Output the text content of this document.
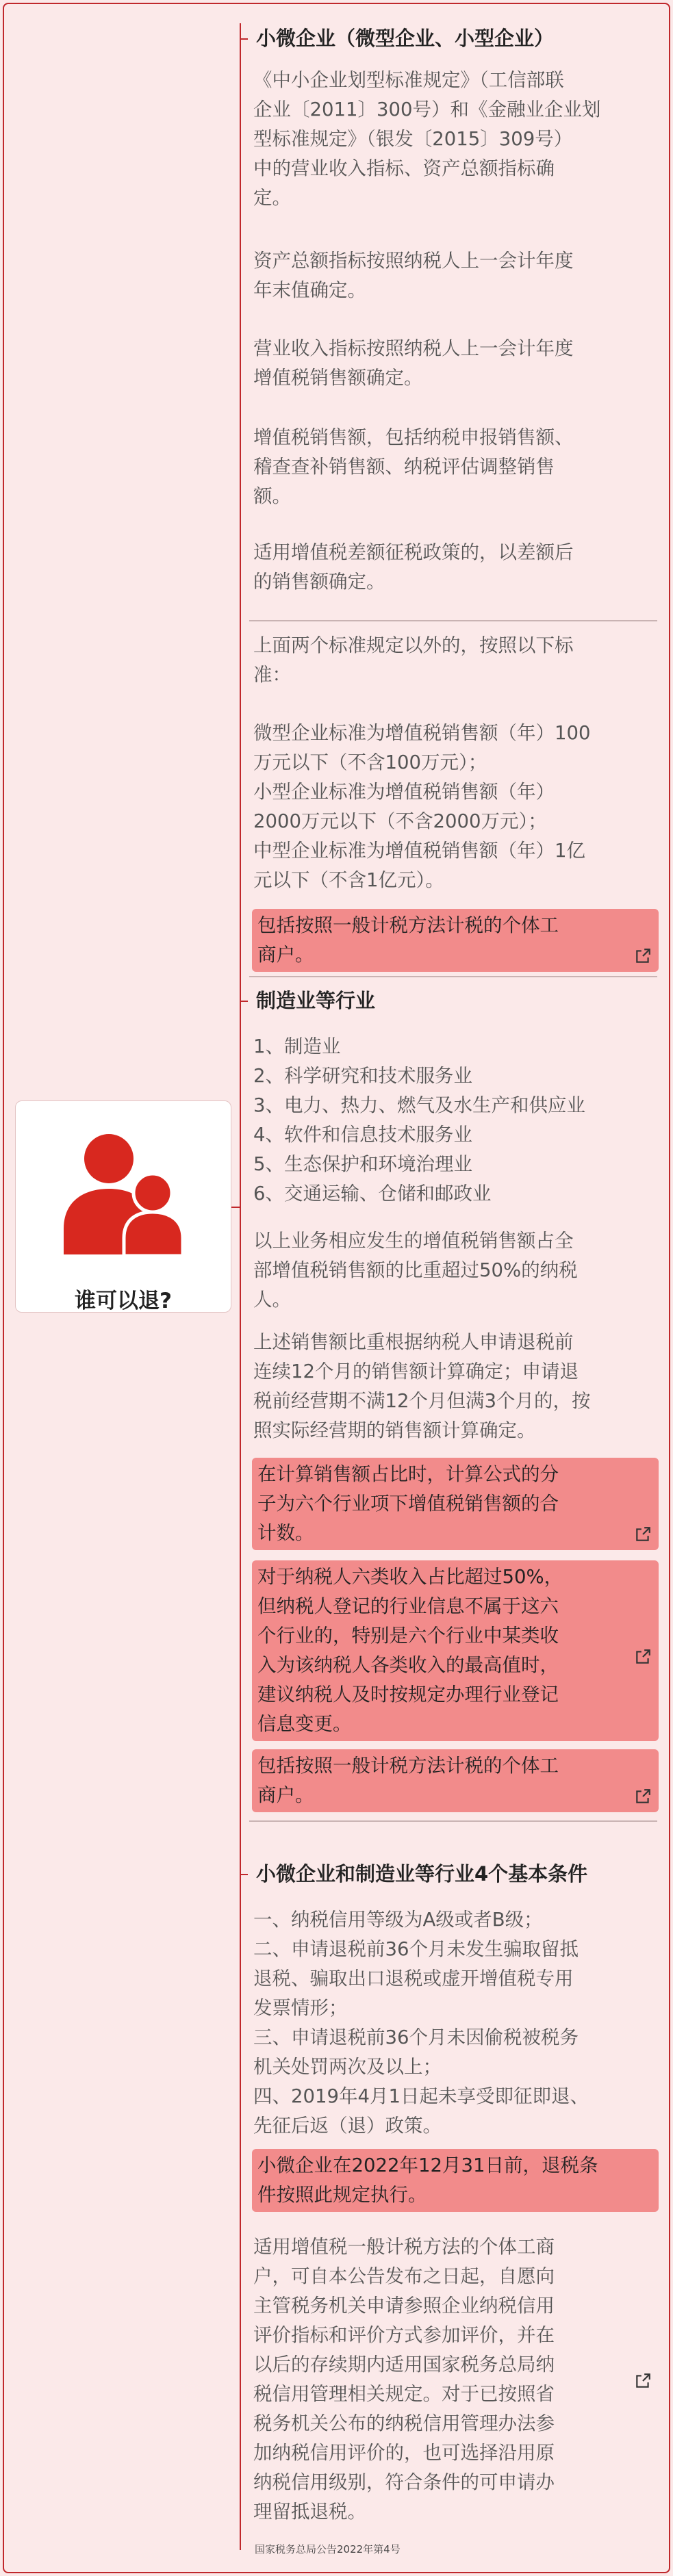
谁可以退?
小微企业（微型企业、小型企业）
《中小企业划型标准规定》（工信部联
企业〔2011〕300号）和《金融业企业划
型标准规定》（银发〔2015〕309号）
中的营业收入指标、资产总额指标确
定。
资产总额指标按照纳税人上一会计年度
年末值确定。
营业收入指标按照纳税人上一会计年度
增值税销售额确定。
增值税销售额，包括纳税申报销售额、
稽查查补销售额、纳税评估调整销售
额。
适用增值税差额征税政策的，以差额后
的销售额确定。
上面两个标准规定以外的，按照以下标
准：
微型企业标准为增值税销售额（年）100
万元以下（不含100万元）；
小型企业标准为增值税销售额（年）
2000万元以下（不含2000万元）；
中型企业标准为增值税销售额（年）1亿
元以下（不含1亿元）。
包括按照一般计税方法计税的个体工
商户。
制造业等行业
1、制造业
2、科学研究和技术服务业
3、电力、热力、燃气及水生产和供应业
4、软件和信息技术服务业
5、生态保护和环境治理业
6、交通运输、仓储和邮政业
以上业务相应发生的增值税销售额占全
部增值税销售额的比重超过50%的纳税
人。
上述销售额比重根据纳税人申请退税前
连续12个月的销售额计算确定；申请退
税前经营期不满12个月但满3个月的，按
照实际经营期的销售额计算确定。
在计算销售额占比时，计算公式的分
子为六个行业项下增值税销售额的合
计数。
对于纳税人六类收入占比超过50%，
但纳税人登记的行业信息不属于这六
个行业的，特别是六个行业中某类收
入为该纳税人各类收入的最高值时，
建议纳税人及时按规定办理行业登记
信息变更。
包括按照一般计税方法计税的个体工
商户。
小微企业和制造业等行业4个基本条件
一、纳税信用等级为A级或者B级；
二、申请退税前36个月未发生骗取留抵
退税、骗取出口退税或虚开增值税专用
发票情形；
三、申请退税前36个月未因偷税被税务
机关处罚两次及以上；
四、2019年4月1日起未享受即征即退、
先征后返（退）政策。
小微企业在2022年12月31日前，退税条
件按照此规定执行。
适用增值税一般计税方法的个体工商
户，可自本公告发布之日起，自愿向
主管税务机关申请参照企业纳税信用
评价指标和评价方式参加评价，并在
以后的存续期内适用国家税务总局纳
税信用管理相关规定。对于已按照省
税务机关公布的纳税信用管理办法参
加纳税信用评价的，也可选择沿用原
纳税信用级别，符合条件的可申请办
理留抵退税。
国家税务总局公告2022年第4号
